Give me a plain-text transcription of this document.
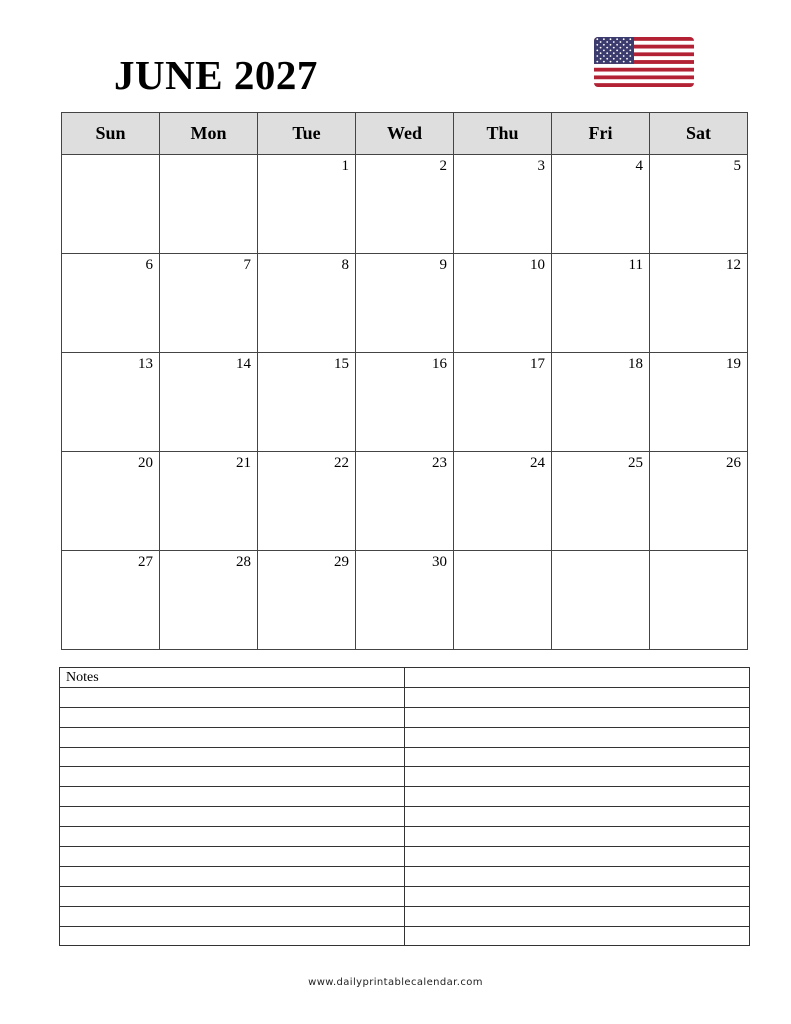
JUNE 2027
Sun	Mon	Tue	Wed	Thu	Fri	Sat

		1	2	3	4	5

6	7	8	9	10	11	12

13	14	15	16	17	18	19

20	21	22	23	24	25	26

27	28	29	30			

Notes	

www.dailyprintablecalendar.com
